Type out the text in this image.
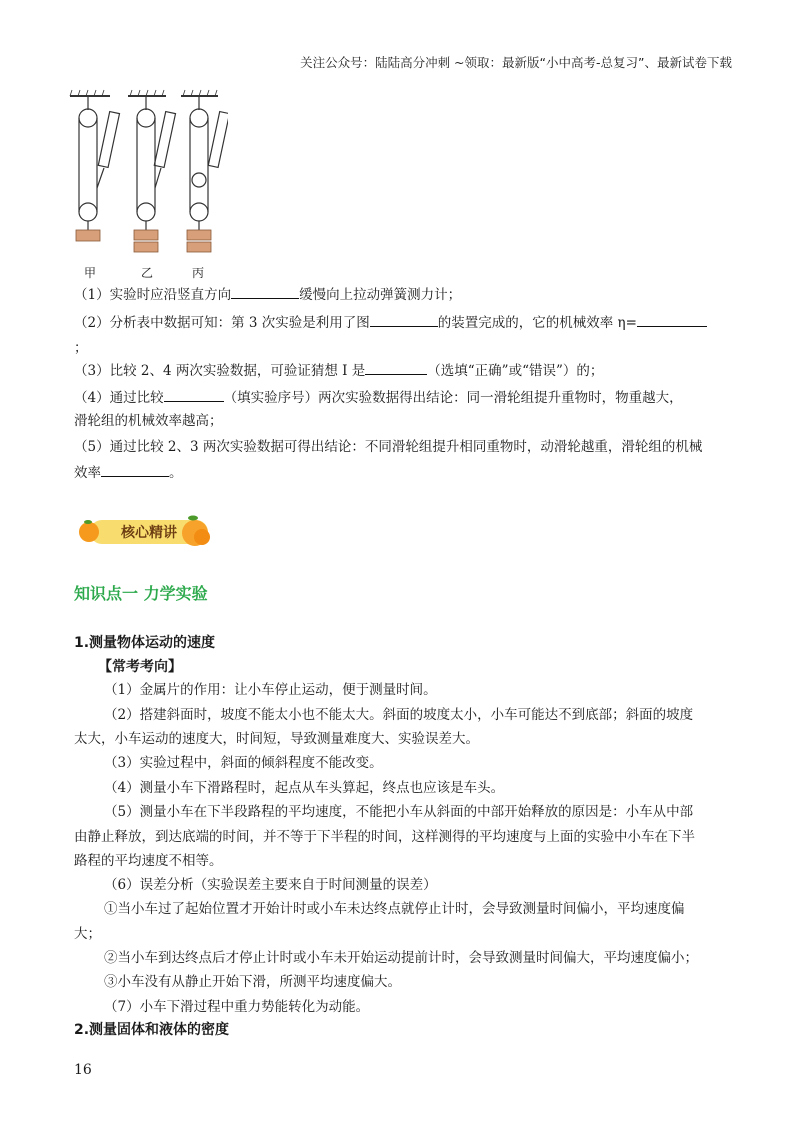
关注公众号：陆陆高分冲刺 ~领取：最新版“小中高考-总复习”、最新试卷下载
甲	乙	丙
（1）实验时应沿竖直方向	缓慢向上拉动弹簧测力计；
（2）分析表中数据可知：第 3 次实验是利用了图	的装置完成的，它的机械效率 η=
；
（3）比较 2、4 两次实验数据，可验证猜想 I 是	（选填“正确”或“错误”）的；
（4）通过比较	（填实验序号）两次实验数据得出结论：同一滑轮组提升重物时，物重越大，
滑轮组的机械效率越高；
（5）通过比较 2、3 两次实验数据可得出结论：不同滑轮组提升相同重物时，动滑轮越重，滑轮组的机械
效率	。
核心精讲
知识点一 力学实验
1.测量物体运动的速度
【常考考向】
（1）金属片的作用：让小车停止运动，便于测量时间。
（2）搭建斜面时，坡度不能太小也不能太大。斜面的坡度太小，小车可能达不到底部；斜面的坡度
太大，小车运动的速度大，时间短，导致测量难度大、实验误差大。
（3）实验过程中，斜面的倾斜程度不能改变。
（4）测量小车下滑路程时，起点从车头算起，终点也应该是车头。
（5）测量小车在下半段路程的平均速度，不能把小车从斜面的中部开始释放的原因是：小车从中部
由静止释放，到达底端的时间，并不等于下半程的时间，这样测得的平均速度与上面的实验中小车在下半
路程的平均速度不相等。
（6）误差分析（实验误差主要来自于时间测量的误差）
①当小车过了起始位置才开始计时或小车未达终点就停止计时，会导致测量时间偏小，平均速度偏
大；
②当小车到达终点后才停止计时或小车未开始运动提前计时，会导致测量时间偏大，平均速度偏小；
③小车没有从静止开始下滑，所测平均速度偏大。
（7）小车下滑过程中重力势能转化为动能。
2.测量固体和液体的密度
16
